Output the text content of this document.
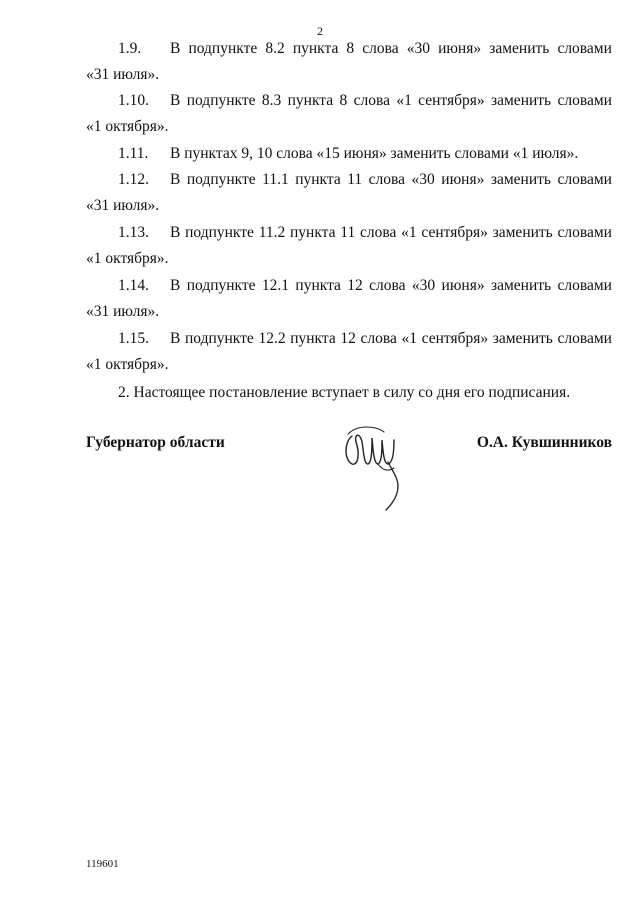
2
1.9.	В подпункте 8.2 пункта 8 слова «30 июня» заменить словами
«31 июля».
1.10.	В подпункте 8.3 пункта 8 слова «1 сентября» заменить словами
«1 октября».
1.11. В пунктах 9, 10 слова «15 июня» заменить словами «1 июля».
1.12.	В подпункте 11.1 пункта 11 слова «30 июня» заменить словами
«31 июля».
1.13.	В подпункте 11.2 пункта 11 слова «1 сентября» заменить словами
«1 октября».
1.14.	В подпункте 12.1 пункта 12 слова «30 июня» заменить словами
«31 июля».
1.15.	В подпункте 12.2 пункта 12 слова «1 сентября» заменить словами
«1 октября».
2. Настоящее постановление вступает в силу со дня его подписания.
Губернатор области	О.А. Кувшинников
119601
